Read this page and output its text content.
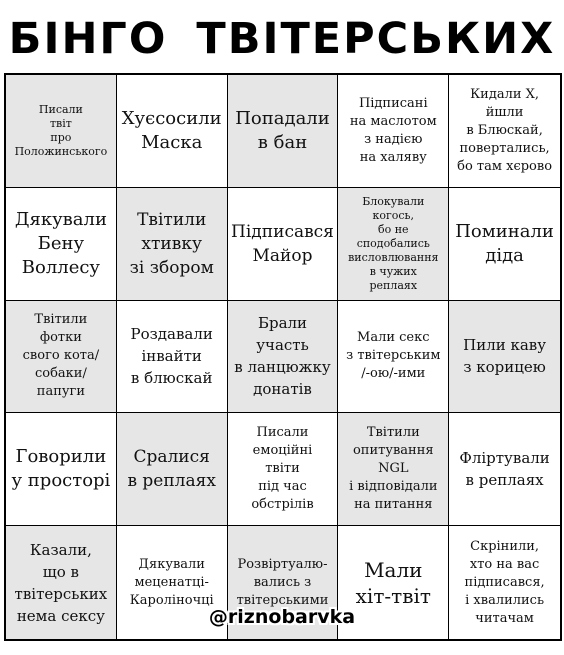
БІНГО ТВІТЕРСЬКИХ
Писали
твіт
про
Положинського
Хуєсосили
Маска
Попадали
в бан
Підписані
на маслотом
з надією
на халяву
Кидали Х,
йшли
в Блюскай,
повертались,
бо там хєрово
Дякували
Бену
Воллесу
Твітили
хтивку
зі збором
Підписався
Майор
Блокували
когось,
бо не
сподобались
висловлювання
в чужих
реплаях
Поминали
діда
Твітили
фотки
свого кота/
собаки/
папуги
Роздавали
інвайти
в блюскай
Брали участь
в ланцюжку
донатів
Мали секс
з твітерським
/-ою/-ими
Пили каву
з корицею
Говорили
у просторі
Сралися
в реплаях
Писали
емоційні
твіти
під час
обстрілів
Твітили
опитування
NGL
і відповідали
на питання
Фліртували
в реплаях
Казали,
що в
твітерських
нема сексу
Дякували
меценатці-
Каролінoчці
Розвіртуалю-
вались з
твітерськими
Мали
хіт-твіт
Скрінили,
хто на вас
підписався,
і хвалились
читачам
@riznobarvka
